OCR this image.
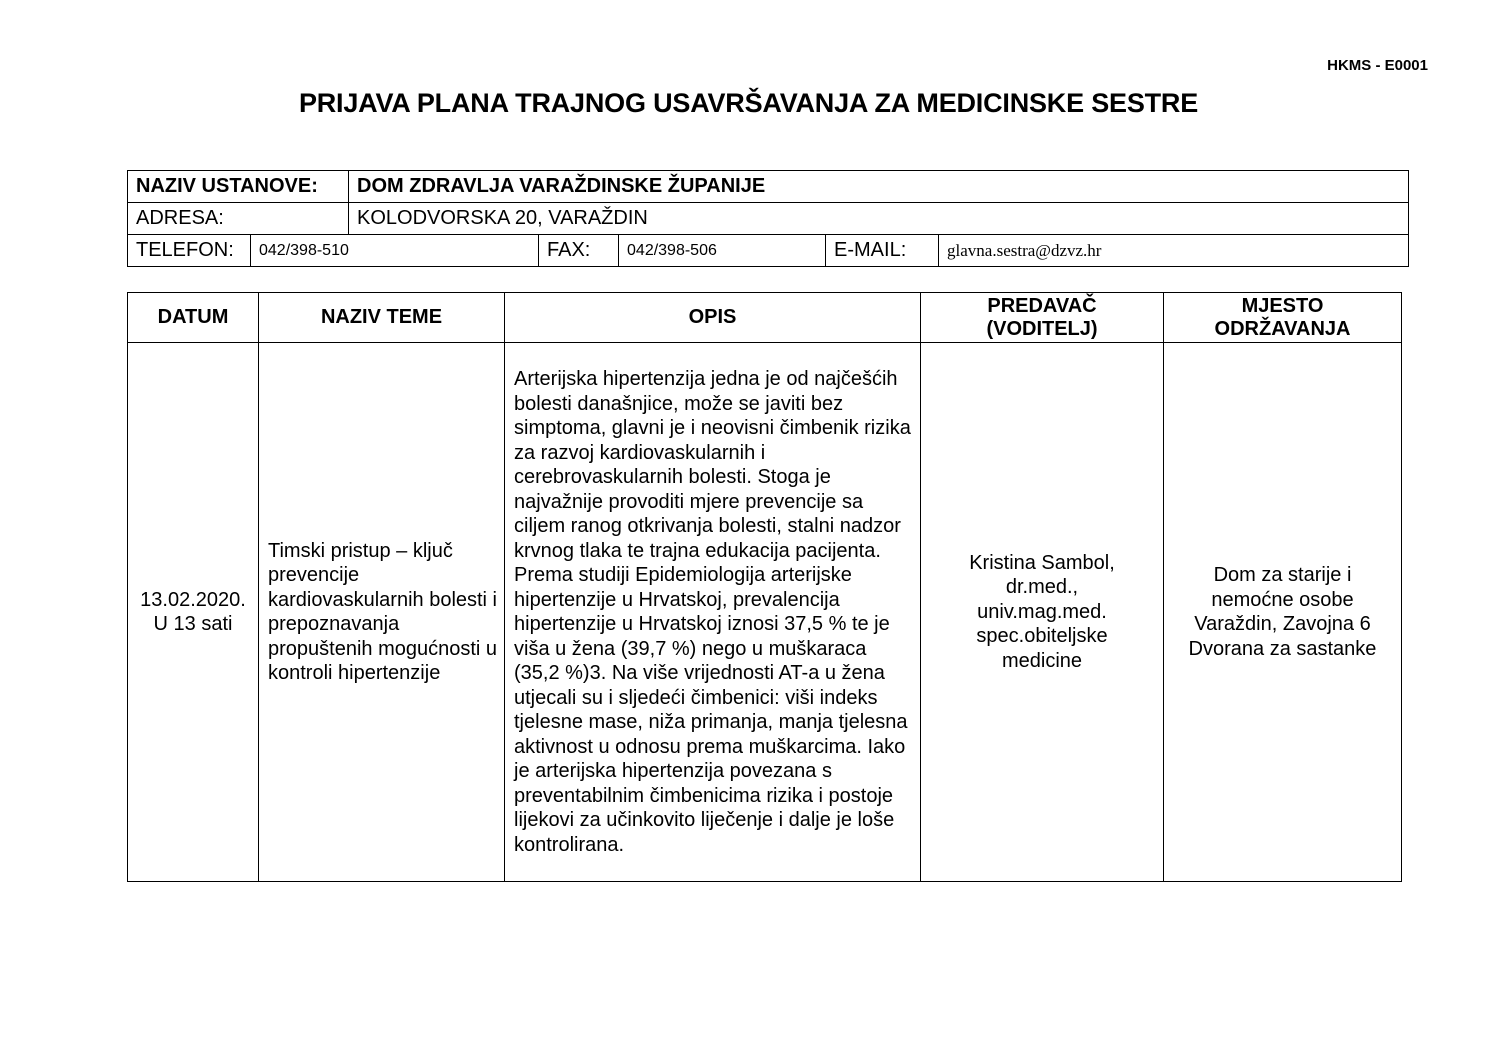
HKMS - E0001
PRIJAVA PLANA TRAJNOG USAVRŠAVANJA ZA MEDICINSKE SESTRE
NAZIV USTANOVE:		DOM ZDRAVLJA VARAŽDINSKE ŽUPANIJE				
ADRESA:		KOLODVORSKA 20, VARAŽDIN				
TELEFON:	042/398-510		FAX:	042/398-506	E-MAIL:	glavna.sestra@dzvz.hr
DATUM	NAZIV TEME	OPIS	PREDAVAČ (VODITELJ)	MJESTO ODRŽAVANJA
13.02.2020. U 13 sati	Timski pristup – ključ prevencije kardiovaskularnih bolesti i prepoznavanja propuštenih mogućnosti u kontroli hipertenzije	Arterijska hipertenzija jedna je od najčešćih bolesti današnjice, može se javiti bez simptoma, glavni je i neovisni čimbenik rizika za razvoj kardiovaskularnih i cerebrovaskularnih bolesti. Stoga je najvažnije provoditi mjere prevencije sa ciljem ranog otkrivanja bolesti, stalni nadzor krvnog tlaka te trajna edukacija pacijenta. Prema studiji Epidemiologija arterijske hipertenzije u Hrvatskoj, prevalencija hipertenzije u Hrvatskoj iznosi 37,5 % te je viša u žena (39,7 %) nego u muškaraca (35,2 %)3. Na više vrijednosti AT-a u žena utjecali su i sljedeći čimbenici: viši indeks tjelesne mase, niža primanja, manja tjelesna aktivnost u odnosu prema muškarcima. Iako je arterijska hipertenzija povezana s preventabilnim čimbenicima rizika i postoje lijekovi za učinkovito liječenje i dalje je loše kontrolirana.	Kristina Sambol, dr.med., univ.mag.med. spec.obiteljske medicine	Dom za starije i nemoćne osobe Varaždin, Zavojna 6 Dvorana za sastanke
